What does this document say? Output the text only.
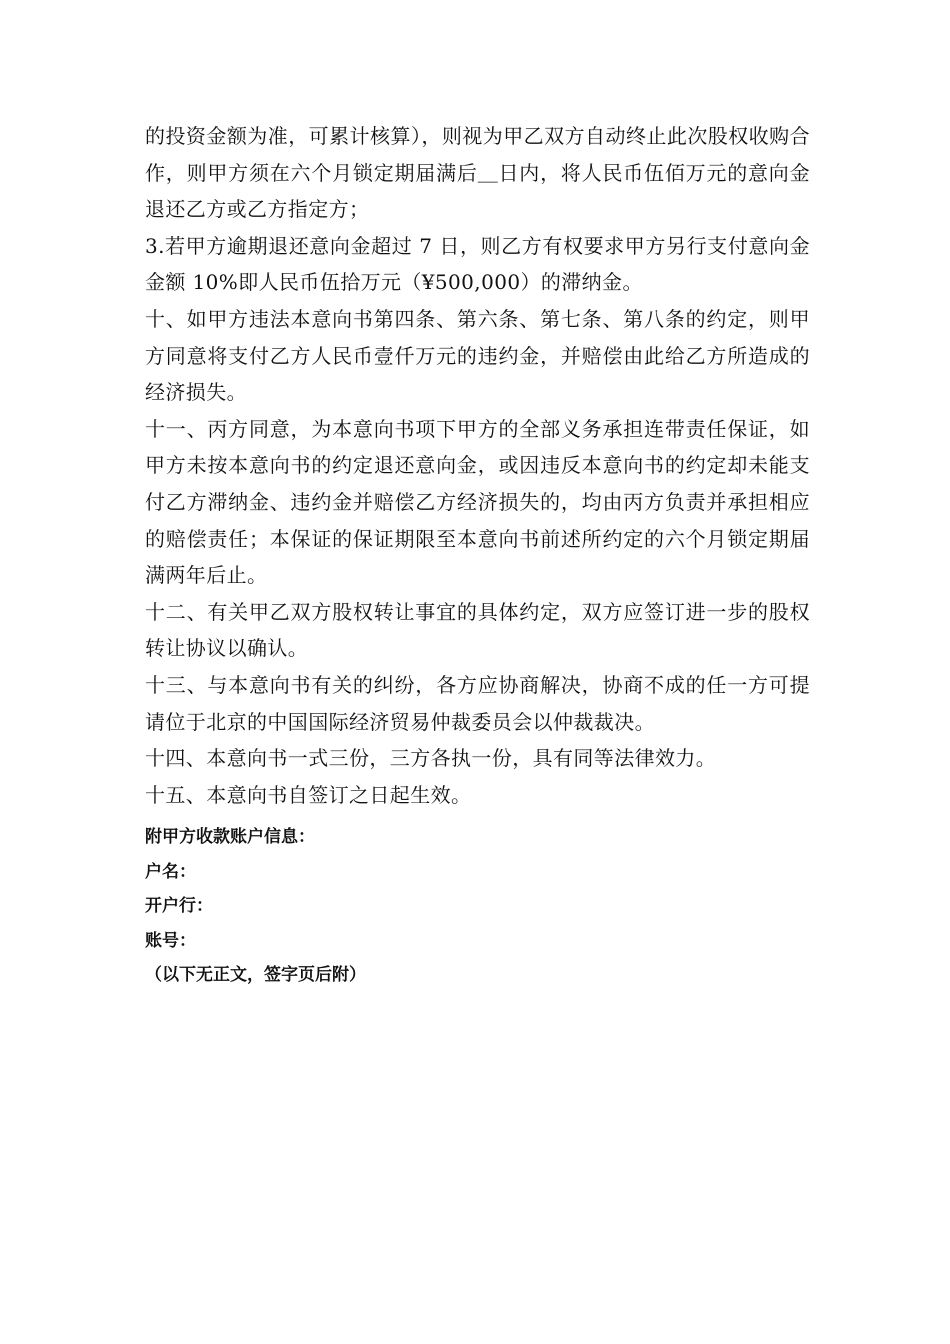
的投资金额为准，可累计核算），则视为甲乙双方自动终止此次股权收购合作，则甲方须在六个月锁定期届满后＿日内，将人民币伍佰万元的意向金退还乙方或乙方指定方；

3.若甲方逾期退还意向金超过 7 日，则乙方有权要求甲方另行支付意向金金额 10%即人民币伍拾万元（¥500,000）的滞纳金。

十、如甲方违法本意向书第四条、第六条、第七条、第八条的约定，则甲方同意将支付乙方人民币壹仟万元的违约金，并赔偿由此给乙方所造成的经济损失。

十一、丙方同意，为本意向书项下甲方的全部义务承担连带责任保证，如甲方未按本意向书的约定退还意向金，或因违反本意向书的约定却未能支付乙方滞纳金、违约金并赔偿乙方经济损失的，均由丙方负责并承担相应的赔偿责任；本保证的保证期限至本意向书前述所约定的六个月锁定期届满两年后止。

十二、有关甲乙双方股权转让事宜的具体约定，双方应签订进一步的股权转让协议以确认。

十三、与本意向书有关的纠纷，各方应协商解决，协商不成的任一方可提请位于北京的中国国际经济贸易仲裁委员会以仲裁裁决。

十四、本意向书一式三份，三方各执一份，具有同等法律效力。

十五、本意向书自签订之日起生效。

附甲方收款账户信息：

户名：

开户行：

账号：

（以下无正文，签字页后附）
